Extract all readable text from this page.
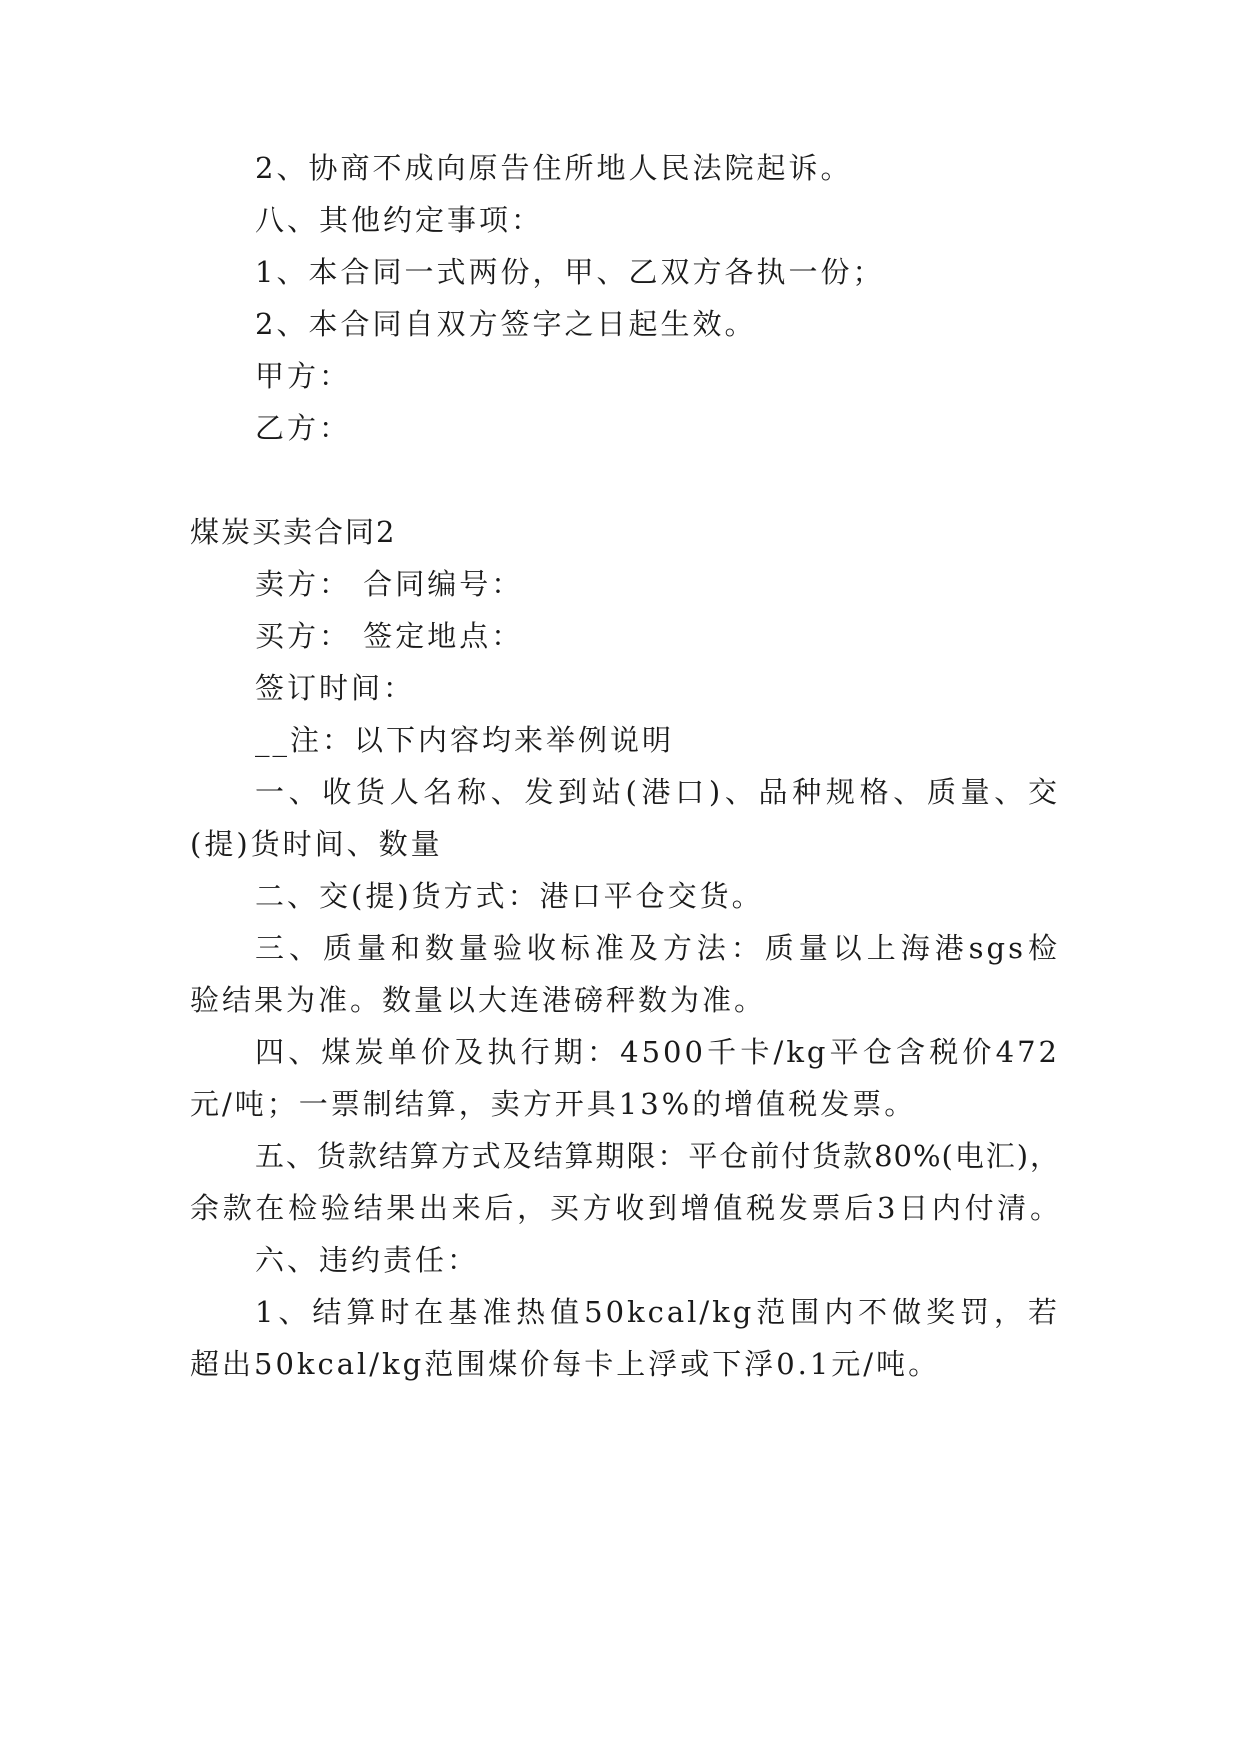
2、协商不成向原告住所地人民法院起诉。
八、其他约定事项：
1、本合同一式两份，甲、乙双方各执一份；
2、本合同自双方签字之日起生效。
甲方：
乙方：
煤炭买卖合同2
卖方： 合同编号：
买方： 签定地点：
签订时间：
__注：以下内容均来举例说明
一、收货人名称、发到站(港口)、品种规格、质量、交
(提)货时间、数量
二、交(提)货方式：港口平仓交货。
三、质量和数量验收标准及方法：质量以上海港sgs检
验结果为准。数量以大连港磅秤数为准。
四、煤炭单价及执行期：4500千卡/kg平仓含税价472
元/吨；一票制结算，卖方开具13%的增值税发票。
五、货款结算方式及结算期限：平仓前付货款80%(电汇)，
余款在检验结果出来后，买方收到增值税发票后3日内付清。
六、违约责任：
1、结算时在基准热值50kcal/kg范围内不做奖罚，若
超出50kcal/kg范围煤价每卡上浮或下浮0.1元/吨。
